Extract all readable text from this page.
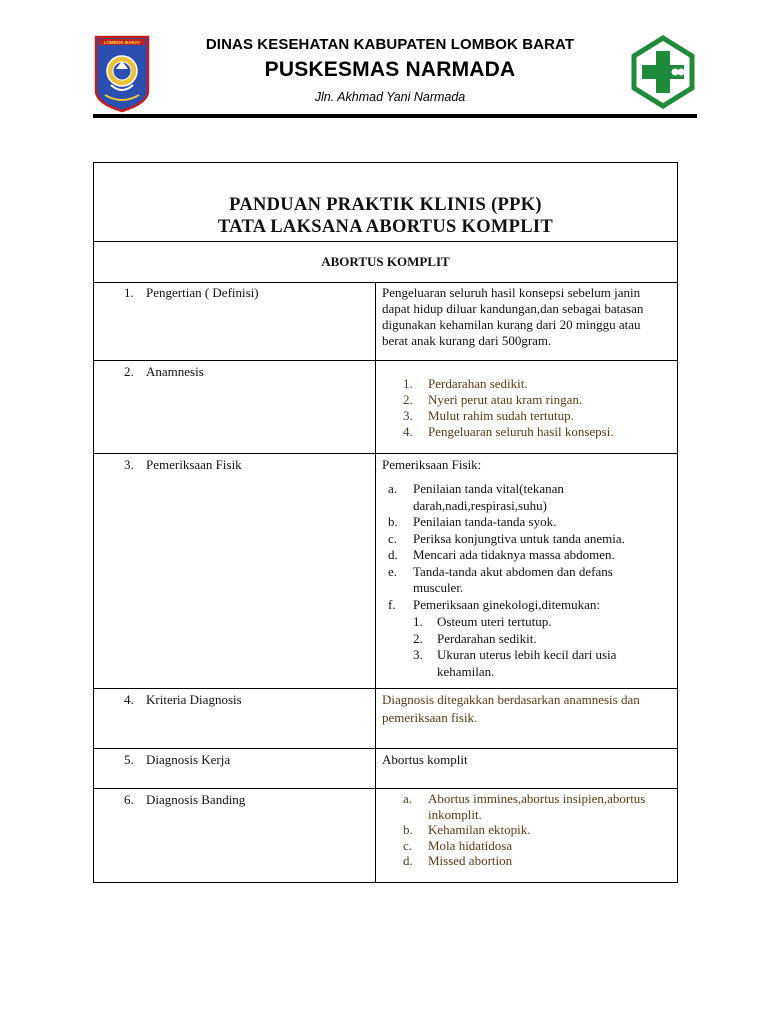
LOMBOK BARAT	DINAS KESEHATAN KABUPATEN LOMBOK BARAT
PUSKESMAS NARMADA
Jln. Akhmad Yani Narmada
PANDUAN PRAKTIK KLINIS (PPK)
TATA LAKSANA ABORTUS KOMPLIT
ABORTUS KOMPLIT
1. Pengertian ( Definisi)	Pengeluaran seluruh hasil konsepsi sebelum janin
dapat hidup diluar kandungan,dan sebagai batasan
digunakan kehamilan kurang dari 20 minggu atau
berat anak kurang dari 500gram.
2. Anamnesis
1. Perdarahan sedikit.
2. Nyeri perut atau kram ringan.
3. Mulut rahim sudah tertutup.
4. Pengeluaran seluruh hasil konsepsi.
3. Pemeriksaan Fisik	Pemeriksaan Fisik:
a. Penilaian tanda vital(tekanan
darah,nadi,respirasi,suhu)
b. Penilaian tanda-tanda syok.
c. Periksa konjungtiva untuk tanda anemia.
d. Mencari ada tidaknya massa abdomen.
e. Tanda-tanda akut abdomen dan defans
musculer.
f. Pemeriksaan ginekologi,ditemukan:
1. Osteum uteri tertutup.
2. Perdarahan sedikit.
3. Ukuran uterus lebih kecil dari usia
kehamilan.
4. Kriteria Diagnosis	Diagnosis ditegakkan berdasarkan anamnesis dan
pemeriksaan fisik.
5. Diagnosis Kerja	Abortus komplit
6. Diagnosis Banding	a. Abortus immines,abortus insipien,abortus
inkomplit.
b. Kehamilan ektopik.
c. Mola hidatidosa
d. Missed abortion
